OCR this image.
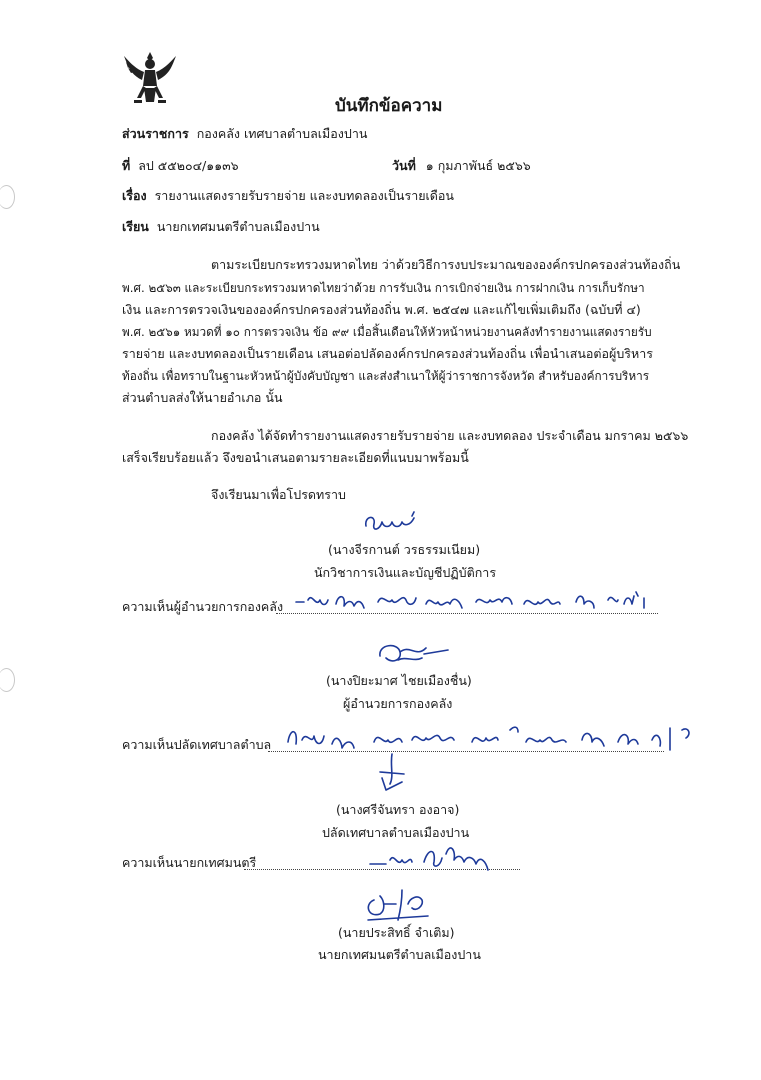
บันทึกข้อความ
ส่วนราชการ กองคลัง เทศบาลตำบลเมืองปาน
ที่ ลป ๕๕๒๐๔/๑๑๓๖	วันที่ ๑ กุมภาพันธ์ ๒๕๖๖
เรื่อง รายงานแสดงรายรับรายจ่าย และงบทดลองเป็นรายเดือน
เรียน นายกเทศมนตรีตำบลเมืองปาน
ตามระเบียบกระทรวงมหาดไทย ว่าด้วยวิธีการงบประมาณขององค์กรปกครองส่วนท้องถิ่น
พ.ศ. ๒๕๖๓ และระเบียบกระทรวงมหาดไทยว่าด้วย การรับเงิน การเบิกจ่ายเงิน การฝากเงิน การเก็บรักษา
เงิน และการตรวจเงินขององค์กรปกครองส่วนท้องถิ่น พ.ศ. ๒๕๔๗ และแก้ไขเพิ่มเติมถึง (ฉบับที่ ๔)
พ.ศ. ๒๕๖๑ หมวดที่ ๑๐ การตรวจเงิน ข้อ ๙๙ เมื่อสิ้นเดือนให้หัวหน้าหน่วยงานคลังทำรายงานแสดงรายรับ
รายจ่าย และงบทดลองเป็นรายเดือน เสนอต่อปลัดองค์กรปกครองส่วนท้องถิ่น เพื่อนำเสนอต่อผู้บริหาร
ท้องถิ่น เพื่อทราบในฐานะหัวหน้าผู้บังคับบัญชา และส่งสำเนาให้ผู้ว่าราชการจังหวัด สำหรับองค์การบริหาร
ส่วนตำบลส่งให้นายอำเภอ นั้น
กองคลัง ได้จัดทำรายงานแสดงรายรับรายจ่าย และงบทดลอง ประจำเดือน มกราคม ๒๕๖๖
เสร็จเรียบร้อยแล้ว จึงขอนำเสนอตามรายละเอียดที่แนบมาพร้อมนี้
จึงเรียนมาเพื่อโปรดทราบ
(นางจีรกานต์ วรธรรมเนียม)
นักวิชาการเงินและบัญชีปฏิบัติการ
ความเห็นผู้อำนวยการกองคลัง
(นางปิยะมาศ ไชยเมืองชื่น)
ผู้อำนวยการกองคลัง
ความเห็นปลัดเทศบาลตำบล
(นางศรีจันทรา องอาจ)
ปลัดเทศบาลตำบลเมืองปาน
ความเห็นนายกเทศมนตรี
(นายประสิทธิ์ จำเติม)
นายกเทศมนตรีตำบลเมืองปาน
